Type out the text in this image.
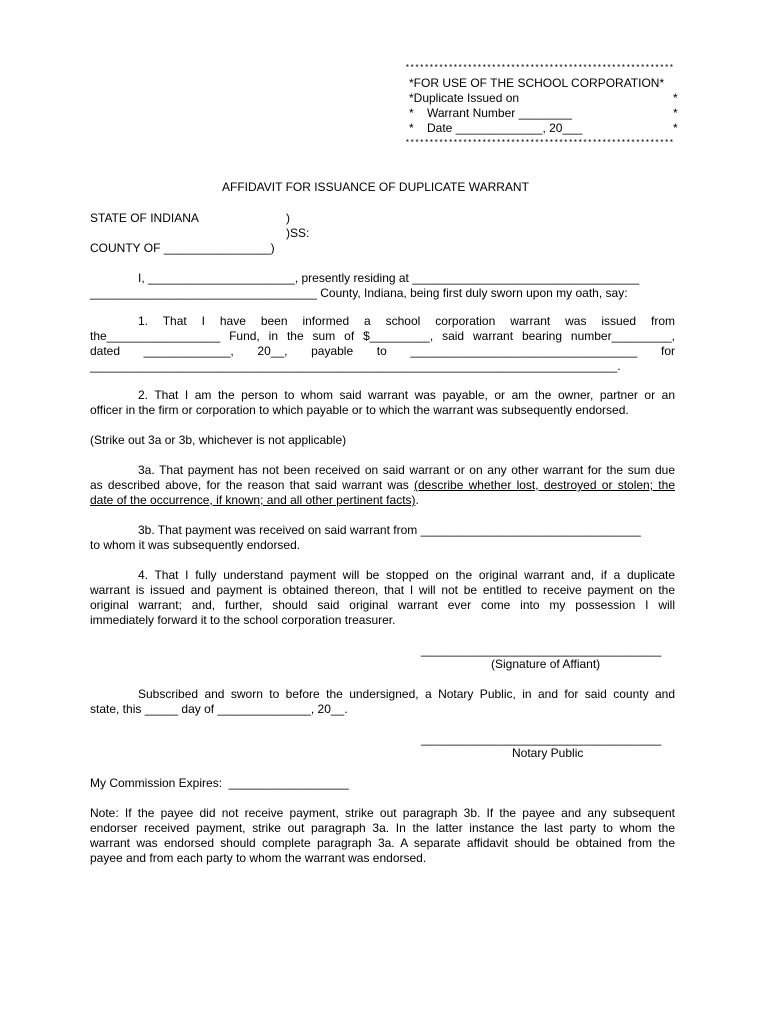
********************************************************
*FOR USE OF THE SCHOOL CORPORATION*
*Duplicate Issued on	*
*    Warrant Number ________	*
*    Date _____________, 20___	*
********************************************************
AFFIDAVIT FOR ISSUANCE OF DUPLICATE WARRANT
STATE OF INDIANA	)
)SS:
COUNTY OF ________________)
I, ______________________, presently residing at __________________________________
__________________________________ County, Indiana, being first duly sworn upon my oath, say:
1. That I have been informed a school corporation warrant was issued from
the_________________ Fund, in the sum of $_________, said warrant bearing number_________,
dated _____________, 20__, payable to __________________________________ for
_______________________________________________________________________________.
2. That I am the person to whom said warrant was payable, or am the owner, partner or an
officer in the firm or corporation to which payable or to which the warrant was subsequently endorsed.
(Strike out 3a or 3b, whichever is not applicable)
3a. That payment has not been received on said warrant or on any other warrant for the sum due
as described above, for the reason that said warrant was (describe whether lost, destroyed or stolen; the
date of the occurrence, if known; and all other pertinent facts).
3b. That payment was received on said warrant from _________________________________
to whom it was subsequently endorsed.
4. That I fully understand payment will be stopped on the original warrant and, if a duplicate
warrant is issued and payment is obtained thereon, that I will not be entitled to receive payment on the
original warrant; and, further, should said original warrant ever come into my possession I will
immediately forward it to the school corporation treasurer.
____________________________________
(Signature of Affiant)
Subscribed and sworn to before the undersigned, a Notary Public, in and for said county and
state, this _____ day of ______________, 20__.
____________________________________
Notary Public
My Commission Expires:  __________________
Note: If the payee did not receive payment, strike out paragraph 3b. If the payee and any subsequent
endorser received payment, strike out paragraph 3a. In the latter instance the last party to whom the
warrant was endorsed should complete paragraph 3a. A separate affidavit should be obtained from the
payee and from each party to whom the warrant was endorsed.
